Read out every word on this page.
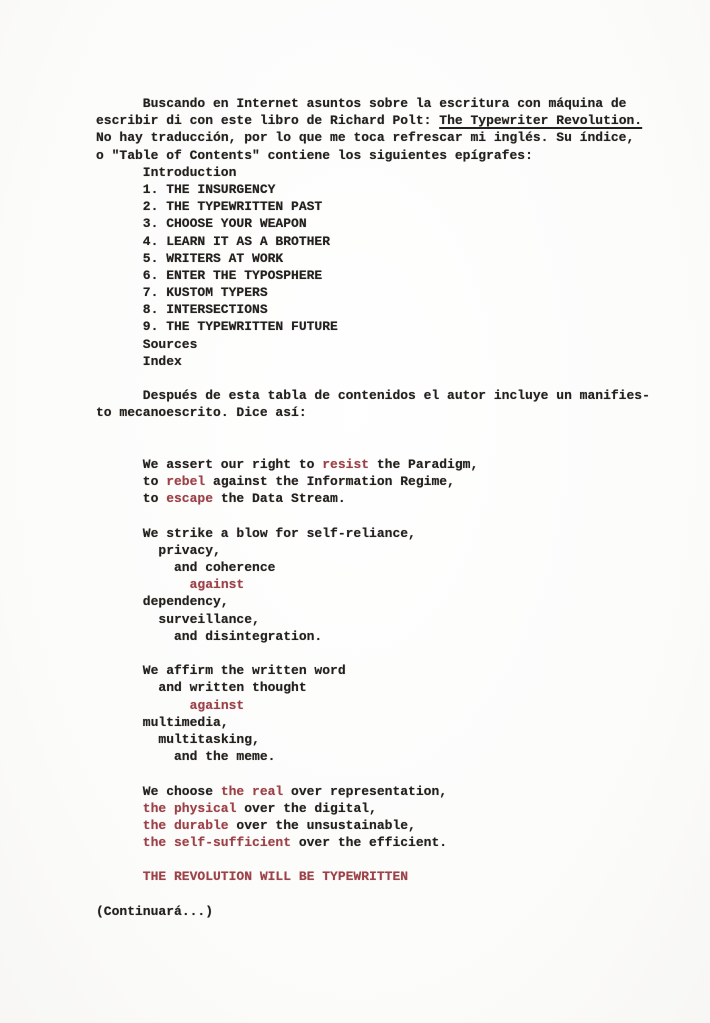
Buscando en Internet asuntos sobre la escritura con máquina de
escribir di con este libro de Richard Polt: The Typewriter Revolution.
No hay traducción, por lo que me toca refrescar mi inglés. Su índice,
o "Table of Contents" contiene los siguientes epígrafes:
Introduction
1. THE INSURGENCY
2. THE TYPEWRITTEN PAST
3. CHOOSE YOUR WEAPON
4. LEARN IT AS A BROTHER
5. WRITERS AT WORK
6. ENTER THE TYPOSPHERE
7. KUSTOM TYPERS
8. INTERSECTIONS
9. THE TYPEWRITTEN FUTURE
Sources
Index

Después de esta tabla de contenidos el autor incluye un manifies-
to mecanoescrito. Dice así:

We assert our right to resist the Paradigm,
to rebel against the Information Regime,
to escape the Data Stream.

We strike a blow for self-reliance,
privacy,
and coherence
against
dependency,
surveillance,
and disintegration.

We affirm the written word
and written thought
against
multimedia,
multitasking,
and the meme.

We choose the real over representation,
the physical over the digital,
the durable over the unsustainable,
the self-sufficient over the efficient.

THE REVOLUTION WILL BE TYPEWRITTEN

(Continuará...)
